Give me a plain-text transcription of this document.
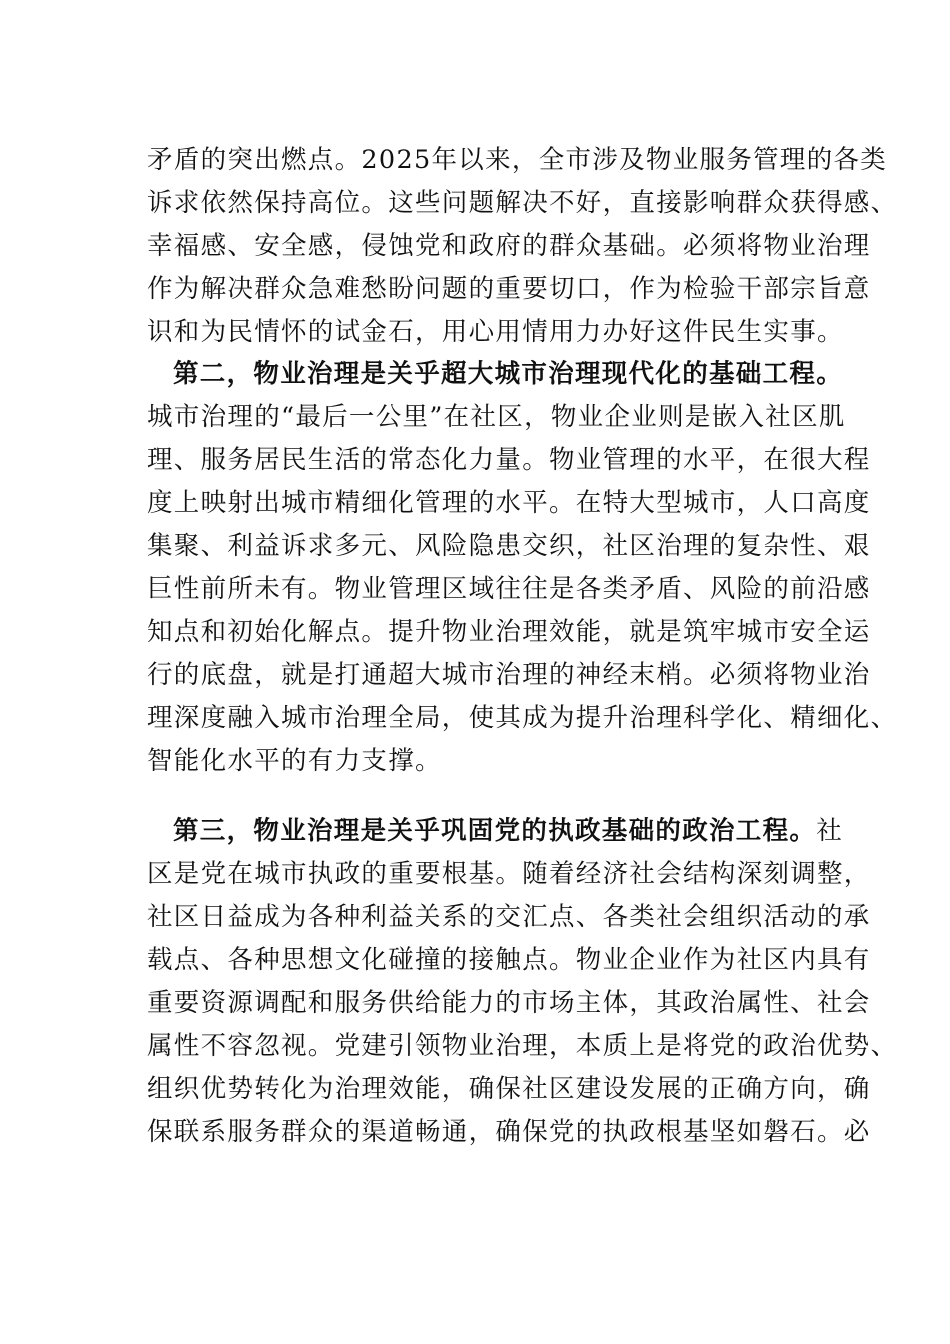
矛盾的突出燃点。2025年以来，全市涉及物业服务管理的各类
诉求依然保持高位。这些问题解决不好，直接影响群众获得感、
幸福感、安全感，侵蚀党和政府的群众基础。必须将物业治理
作为解决群众急难愁盼问题的重要切口，作为检验干部宗旨意
识和为民情怀的试金石，用心用情用力办好这件民生实事。
第二，物业治理是关乎超大城市治理现代化的基础工程。
城市治理的“最后一公里”在社区，物业企业则是嵌入社区肌
理、服务居民生活的常态化力量。物业管理的水平，在很大程
度上映射出城市精细化管理的水平。在特大型城市，人口高度
集聚、利益诉求多元、风险隐患交织，社区治理的复杂性、艰
巨性前所未有。物业管理区域往往是各类矛盾、风险的前沿感
知点和初始化解点。提升物业治理效能，就是筑牢城市安全运
行的底盘，就是打通超大城市治理的神经末梢。必须将物业治
理深度融入城市治理全局，使其成为提升治理科学化、精细化、
智能化水平的有力支撑。
第三，物业治理是关乎巩固党的执政基础的政治工程。社
区是党在城市执政的重要根基。随着经济社会结构深刻调整，
社区日益成为各种利益关系的交汇点、各类社会组织活动的承
载点、各种思想文化碰撞的接触点。物业企业作为社区内具有
重要资源调配和服务供给能力的市场主体，其政治属性、社会
属性不容忽视。党建引领物业治理，本质上是将党的政治优势、
组织优势转化为治理效能，确保社区建设发展的正确方向，确
保联系服务群众的渠道畅通，确保党的执政根基坚如磐石。必
